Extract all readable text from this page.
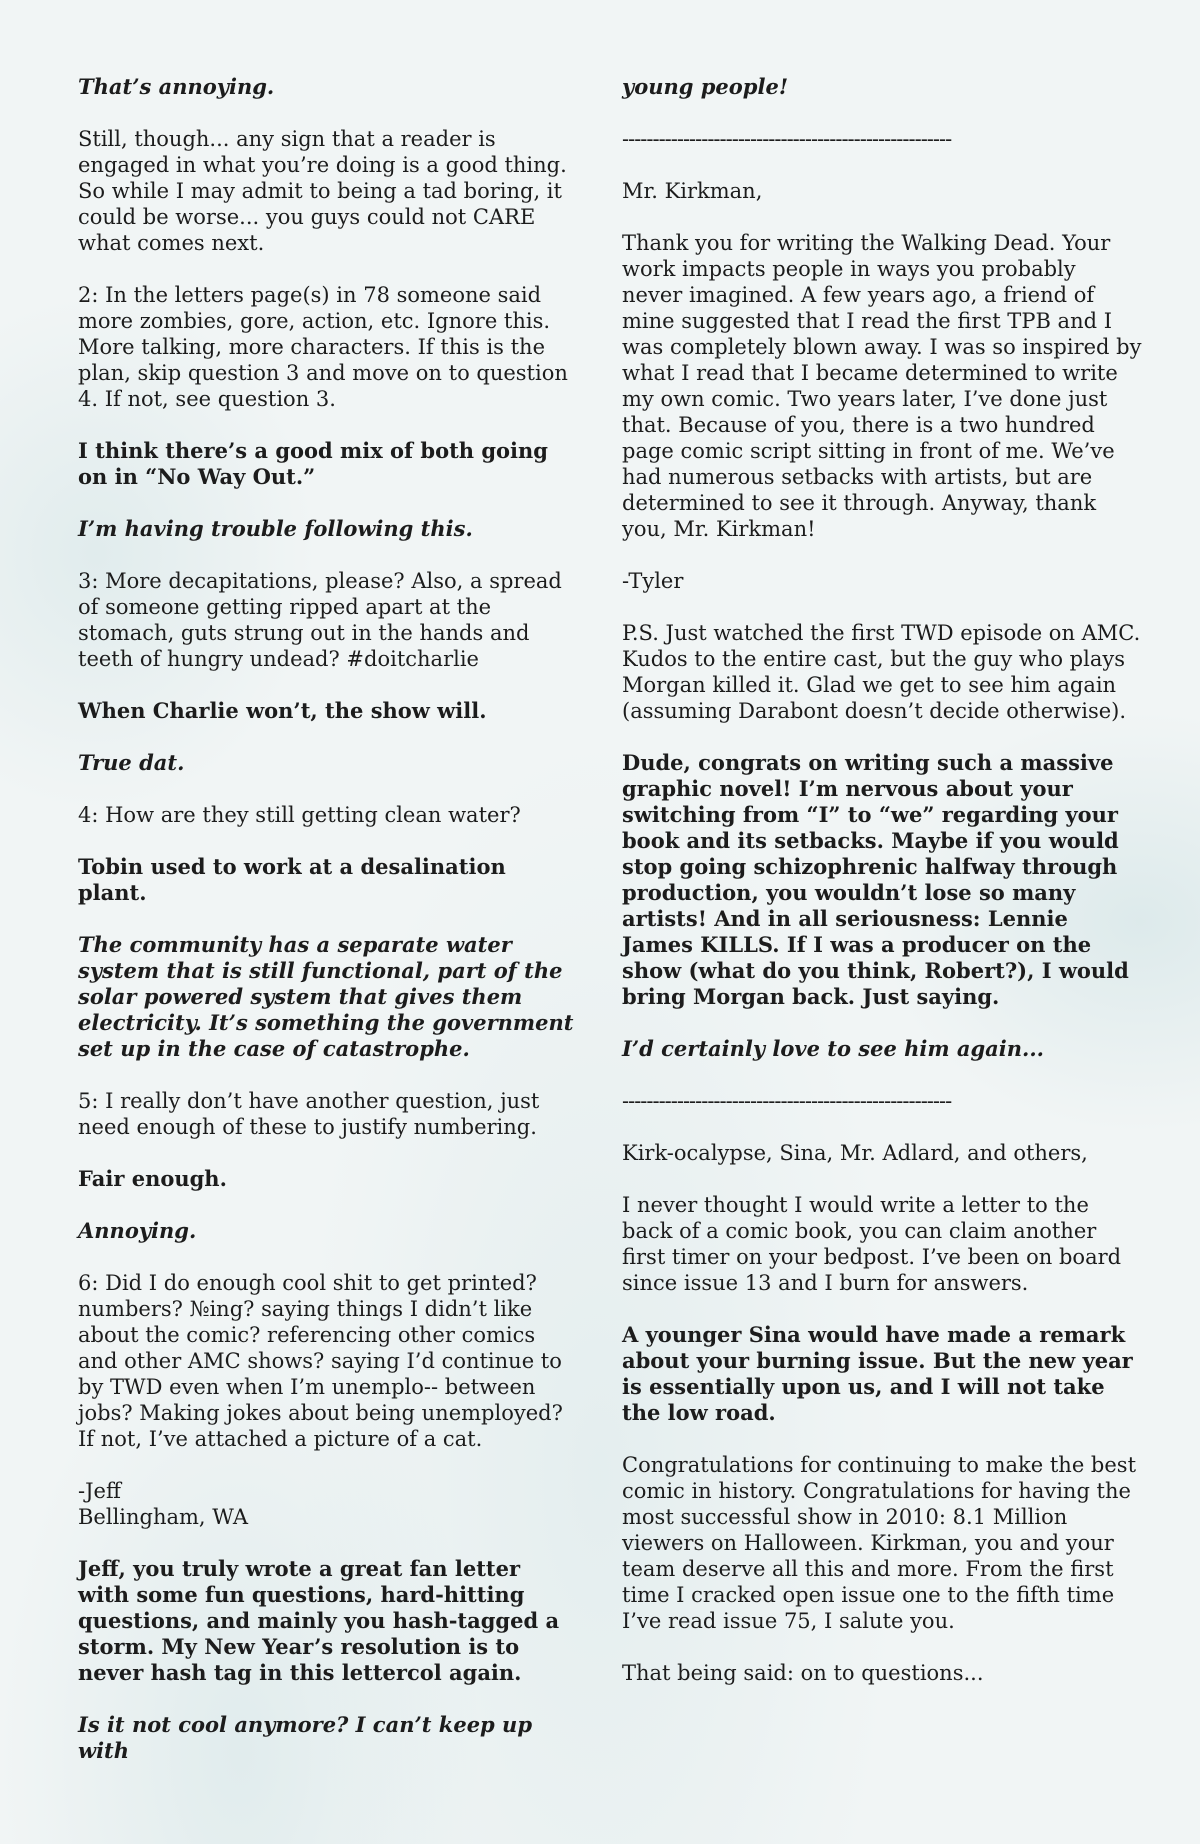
That’s annoying.

Still, though... any sign that a reader is engaged in what you’re doing is a good thing. So while I may admit to being a tad boring, it could be worse... you guys could not CARE what comes next.

2: In the letters page(s) in 78 someone said more zombies, gore, action, etc. Ignore this. More talking, more characters. If this is the plan, skip question 3 and move on to question 4. If not, see question 3.

I think there’s a good mix of both going on in “No Way Out.”

I’m having trouble following this.

3: More decapitations, please? Also, a spread of someone getting ripped apart at the stomach, guts strung out in the hands and teeth of hungry undead? #doitcharlie

When Charlie won’t, the show will.

True dat.

4: How are they still getting clean water?

Tobin used to work at a desalination plant.

The community has a separate water system that is still functional, part of the solar powered system that gives them electricity. It’s something the government set up in the case of catastrophe.

5: I really don’t have another question, just need enough of these to justify numbering.

Fair enough.

Annoying.

6: Did I do enough cool shit to get printed? numbers? №ing? saying things I didn’t like about the comic? referencing other comics and other AMC shows? saying I’d continue to by TWD even when I’m unemplo-- between jobs? Making jokes about being unemployed? If not, I’ve attached a picture of a cat.

-Jeff

Bellingham, WA

Jeff, you truly wrote a great fan letter with some fun questions, hard-hitting questions, and mainly you hash-tagged a storm. My New Year’s resolution is to never hash tag in this lettercol again.

Is it not cool anymore? I can’t keep up with

young people!

------------------------------------------------------

Mr. Kirkman,

Thank you for writing the Walking Dead. Your work impacts people in ways you probably never imagined. A few years ago, a friend of mine suggested that I read the first TPB and I was completely blown away. I was so inspired by what I read that I became determined to write my own comic. Two years later, I’ve done just that. Because of you, there is a two hundred page comic script sitting in front of me. We’ve had numerous setbacks with artists, but are determined to see it through. Anyway, thank you, Mr. Kirkman!

-Tyler

P.S. Just watched the first TWD episode on AMC. Kudos to the entire cast, but the guy who plays Morgan killed it. Glad we get to see him again (assuming Darabont doesn’t decide otherwise).

Dude, congrats on writing such a massive graphic novel! I’m nervous about your switching from “I” to “we” regarding your book and its setbacks. Maybe if you would stop going schizophrenic halfway through production, you wouldn’t lose so many artists! And in all seriousness: Lennie James KILLS. If I was a producer on the show (what do you think, Robert?), I would bring Morgan back. Just saying.

I’d certainly love to see him again...

------------------------------------------------------

Kirk-ocalypse, Sina, Mr. Adlard, and others,

I never thought I would write a letter to the back of a comic book, you can claim another first timer on your bedpost. I’ve been on board since issue 13 and I burn for answers.

A younger Sina would have made a remark about your burning issue. But the new year is essentially upon us, and I will not take the low road.

Congratulations for continuing to make the best comic in history. Congratulations for having the most successful show in 2010: 8.1 Million viewers on Halloween. Kirkman, you and your team deserve all this and more. From the first time I cracked open issue one to the fifth time I’ve read issue 75, I salute you.

That being said: on to questions...
